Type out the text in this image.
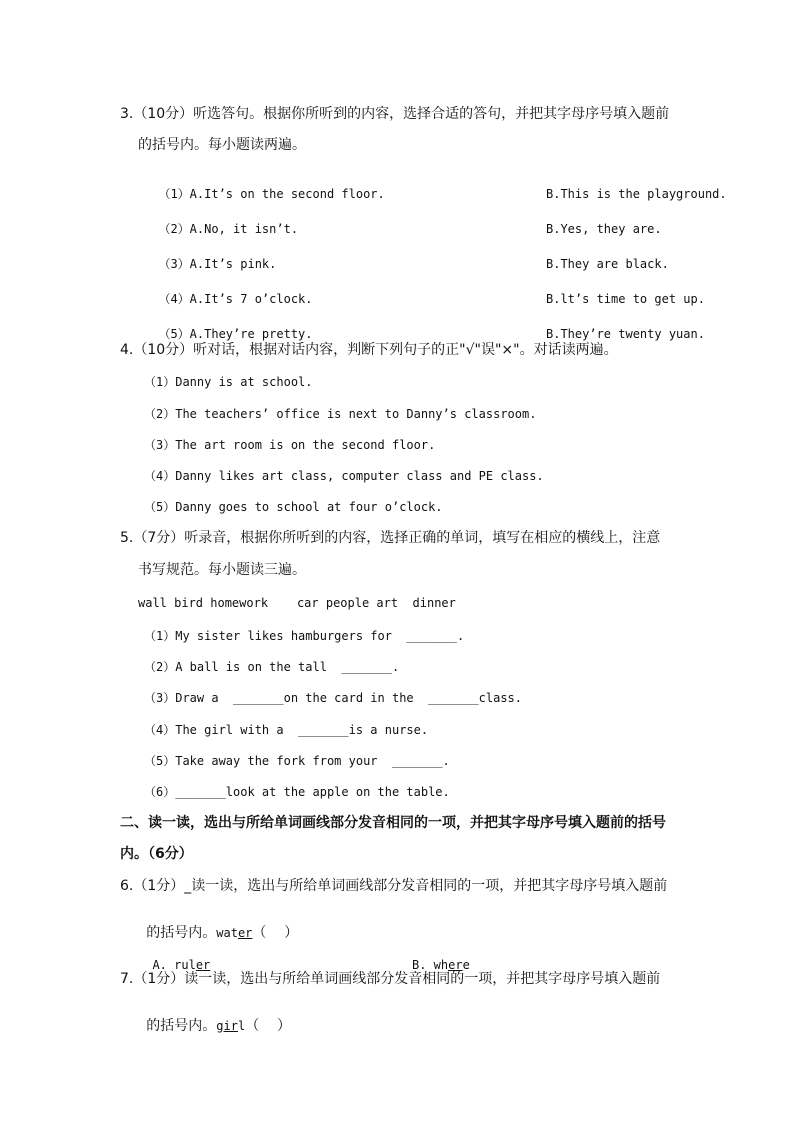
3.（10分）听选答句。根据你所听到的内容，选择合适的答句，并把其字母序号填入题前
的括号内。每小题读两遍。

（1）A.It’s on the second floor.	B.This is the playground.

（2）A.No, it isn’t.	B.Yes, they are.

（3）A.It’s pink.	B.They are black.

（4）A.It’s 7 o’clock.	B.lt’s time to get up.

（5）A.They’re pretty.	B.They’re twenty yuan.

4.（10分）听对话，根据对话内容，判断下列句子的正"√"误"×"。对话读两遍。
（1）Danny is at school.
（2）The teachers’ office is next to Danny’s classroom.
（3）The art room is on the second floor.
（4）Danny likes art class, computer class and PE class.
（5）Danny goes to school at four o’clock.
5.（7分）听录音，根据你所听到的内容，选择正确的单词，填写在相应的横线上，注意
书写规范。每小题读三遍。
wall bird homework    car people art  dinner
（1）My sister likes hamburgers for  _______.
（2）A ball is on the tall  _______.
（3）Draw a  _______on the card in the  _______class.
（4）The girl with a  _______is a nurse.
（5）Take away the fork from your  _______.
（6）_______look at the apple on the table.
二、读一读，选出与所给单词画线部分发音相同的一项，并把其字母序号填入题前的括号
内。（6分）
6.（1分）_读一读，选出与所给单词画线部分发音相同的一项，并把其字母序号填入题前

的括号内。water（    ）

A. ruler	B. where

7.（1分）读一读，选出与所给单词画线部分发音相同的一项，并把其字母序号填入题前

的括号内。girl（    ）
